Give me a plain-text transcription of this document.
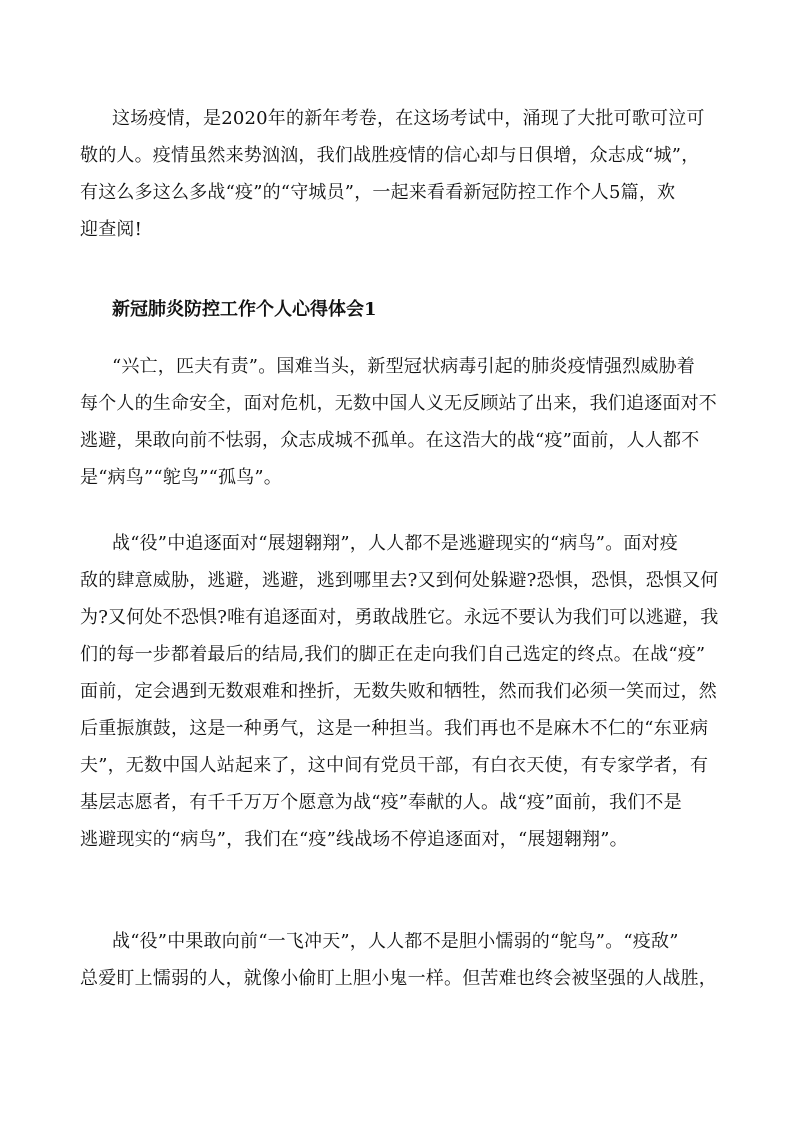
这场疫情，是2020年的新年考卷，在这场考试中，涌现了大批可歌可泣可
敬的人。疫情虽然来势汹汹，我们战胜疫情的信心却与日俱增，众志成“城”，
有这么多这么多战“疫”的“守城员”，一起来看看新冠防控工作个人5篇，欢
迎查阅!
新冠肺炎防控工作个人心得体会1
“兴亡，匹夫有责”。国难当头，新型冠状病毒引起的肺炎疫情强烈威胁着
每个人的生命安全，面对危机，无数中国人义无反顾站了出来，我们追逐面对不
逃避，果敢向前不怯弱，众志成城不孤单。在这浩大的战“疫”面前，人人都不
是“病鸟”“鸵鸟”“孤鸟”。
战“役”中追逐面对“展翅翱翔”，人人都不是逃避现实的“病鸟”。面对疫
敌的肆意威胁，逃避，逃避，逃到哪里去?又到何处躲避?恐惧，恐惧，恐惧又何
为?又何处不恐惧?唯有追逐面对，勇敢战胜它。永远不要认为我们可以逃避，我
们的每一步都着最后的结局,我们的脚正在走向我们自己选定的终点。在战“疫”
面前，定会遇到无数艰难和挫折，无数失败和牺牲，然而我们必须一笑而过，然
后重振旗鼓，这是一种勇气，这是一种担当。我们再也不是麻木不仁的“东亚病
夫”，无数中国人站起来了，这中间有党员干部，有白衣天使，有专家学者，有
基层志愿者，有千千万万个愿意为战“疫”奉献的人。战“疫”面前，我们不是
逃避现实的“病鸟”，我们在“疫”线战场不停追逐面对，“展翅翱翔”。
战“役”中果敢向前“一飞冲天”，人人都不是胆小懦弱的“鸵鸟”。“疫敌”
总爱盯上懦弱的人，就像小偷盯上胆小鬼一样。但苦难也终会被坚强的人战胜，
